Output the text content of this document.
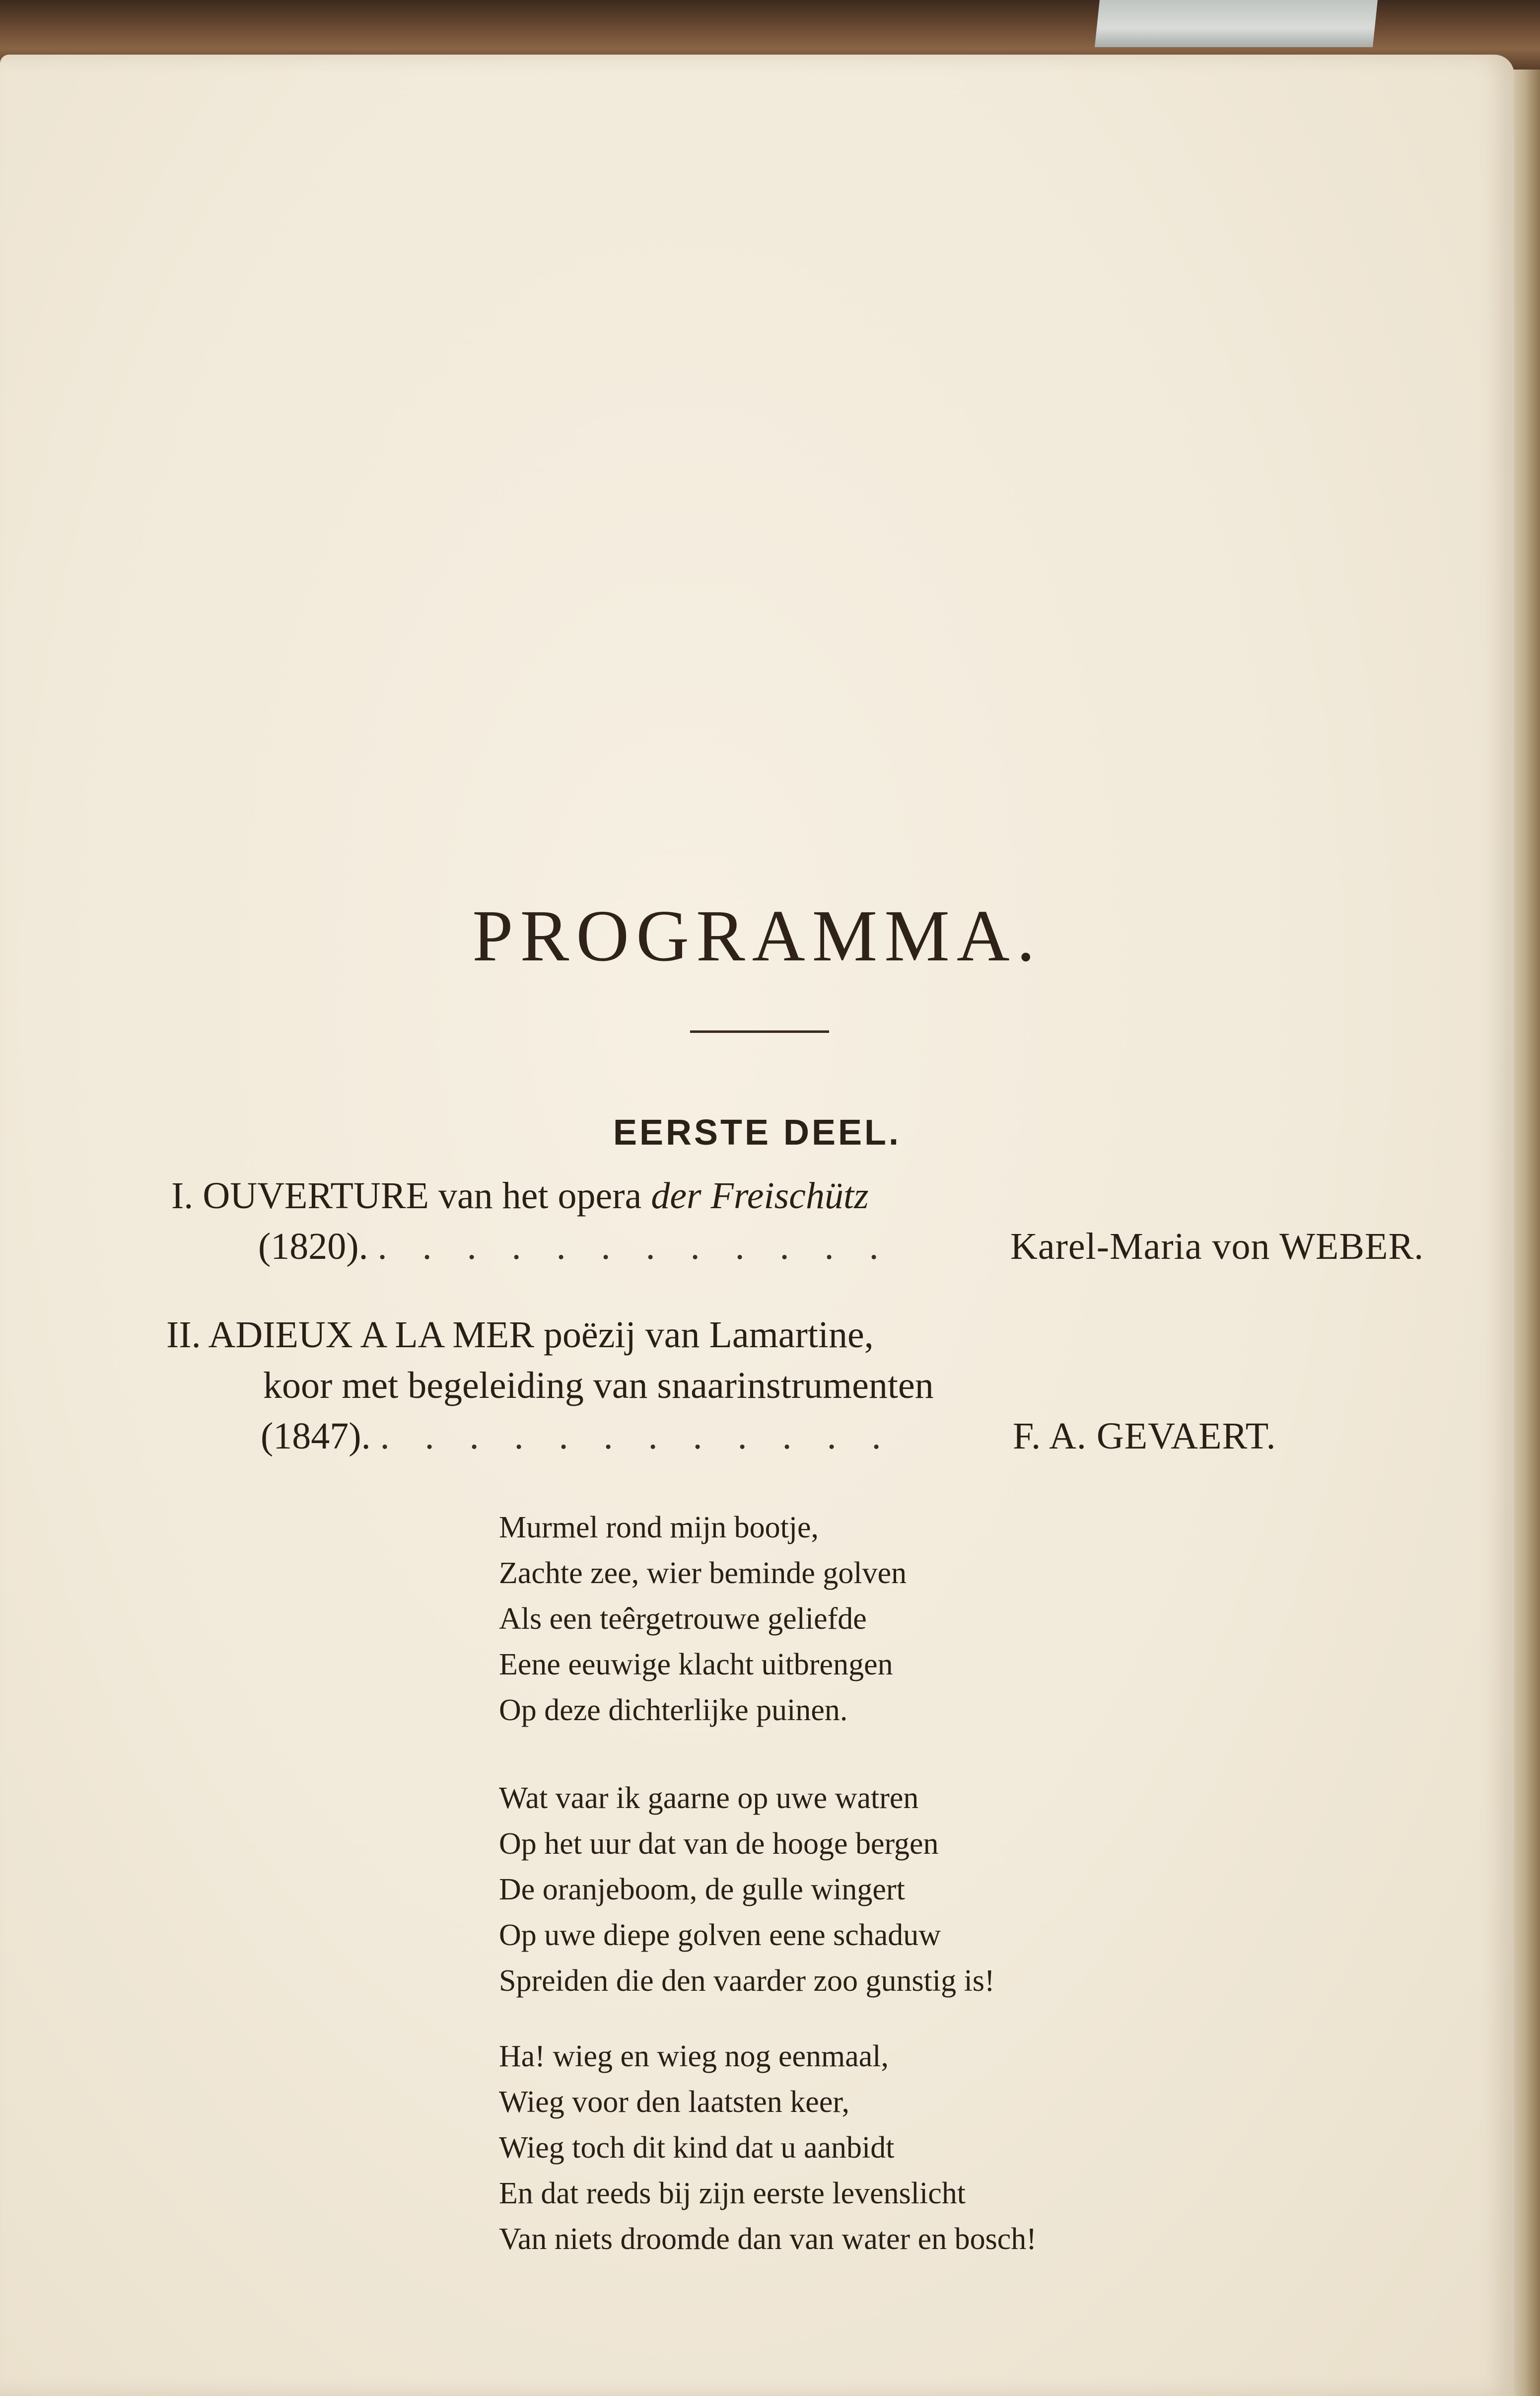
PROGRAMMA.
EERSTE DEEL.
I. OUVERTURE van het opera der Freischütz
(1820). . . . . . . . . . . . .	Karel-Maria von WEBER.
II. ADIEUX A LA MER poëzij van Lamartine,
koor met begeleiding van snaarinstrumenten
(1847). . . . . . . . . . . . .	F. A. GEVAERT.
Murmel rond mijn bootje,
Zachte zee, wier beminde golven
Als een teêrgetrouwe geliefde
Eene eeuwige klacht uitbrengen
Op deze dichterlijke puinen.
Wat vaar ik gaarne op uwe watren
Op het uur dat van de hooge bergen
De oranjeboom, de gulle wingert
Op uwe diepe golven eene schaduw
Spreiden die den vaarder zoo gunstig is!
Ha! wieg en wieg nog eenmaal,
Wieg voor den laatsten keer,
Wieg toch dit kind dat u aanbidt
En dat reeds bij zijn eerste levenslicht
Van niets droomde dan van water en bosch!
